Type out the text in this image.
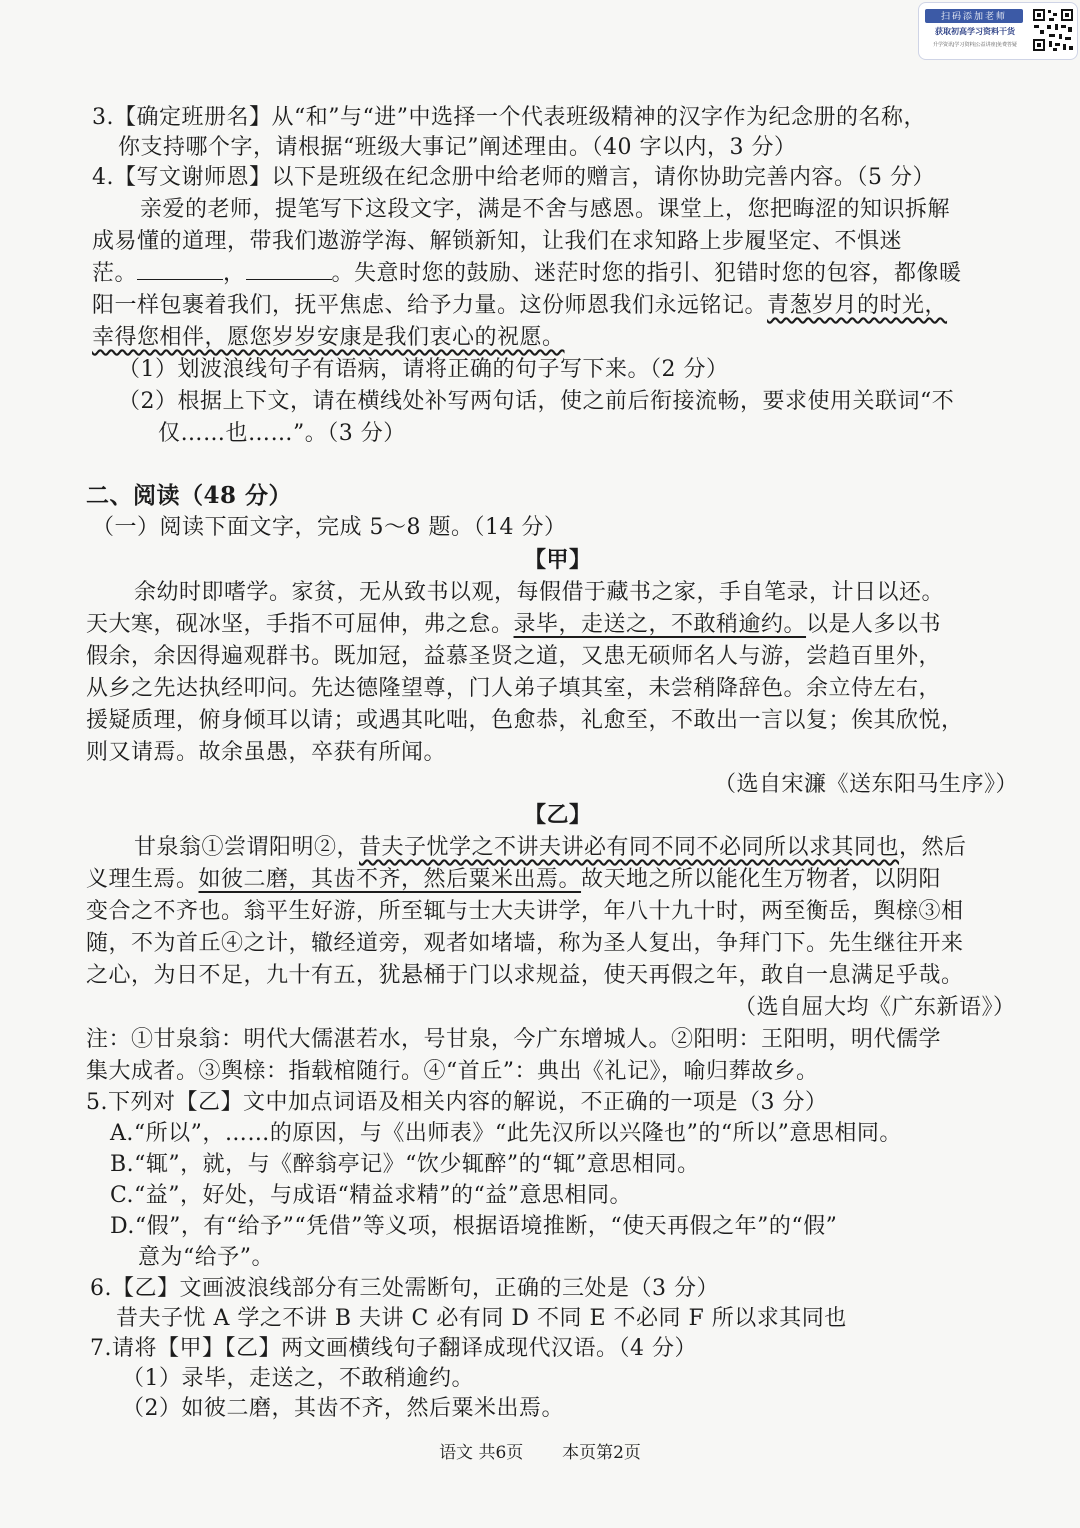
扫码添加老师
获取初高学习资料干货
升学资讯|学习资料|公益讲座|免费答疑
3.【确定班册名】从“和”与“进”中选择一个代表班级精神的汉字作为纪念册的名称，
你支持哪个字，请根据“班级大事记”阐述理由。（40 字以内，3 分）
4.【写文谢师恩】以下是班级在纪念册中给老师的赠言，请你协助完善内容。（5 分）
亲爱的老师，提笔写下这段文字，满是不舍与感恩。课堂上，您把晦涩的知识拆解
成易懂的道理，带我们遨游学海、解锁新知，让我们在求知路上步履坚定、不惧迷
茫。	，	。失意时您的鼓励、迷茫时您的指引、犯错时您的包容，都像暖
阳一样包裹着我们，抚平焦虑、给予力量。这份师恩我们永远铭记。青葱岁月的时光，
幸得您相伴，愿您岁岁安康是我们衷心的祝愿。
（1）划波浪线句子有语病，请将正确的句子写下来。（2 分）
（2）根据上下文，请在横线处补写两句话，使之前后衔接流畅，要求使用关联词“不
仅……也……”。（3 分）
二、阅读（48 分）
（一）阅读下面文字，完成 5～8 题。（14 分）
【甲】
余幼时即嗜学。家贫，无从致书以观，每假借于藏书之家，手自笔录，计日以还。
天大寒，砚冰坚，手指不可屈伸，弗之怠。录毕，走送之，不敢稍逾约。以是人多以书
假余，余因得遍观群书。既加冠，益慕圣贤之道，又患无硕师名人与游，尝趋百里外，
从乡之先达执经叩问。先达德隆望尊，门人弟子填其室，未尝稍降辞色。余立侍左右，
援疑质理，俯身倾耳以请；或遇其叱咄，色愈恭，礼愈至，不敢出一言以复；俟其欣悦，
则又请焉。故余虽愚，卒获有所闻。
（选自宋濂《送东阳马生序》）
【乙】
甘泉翁①尝谓阳明②，昔夫子忧学之不讲夫讲必有同不同不必同所以求其同也，然后
义理生焉。如彼二磨，其齿不齐，然后粟米出焉。故天地之所以能化生万物者，以阴阳
变合之不齐也。翁平生好游，所至辄与士大夫讲学，年八十九十时，两至衡岳，舆榇③相
随，不为首丘④之计，辙经道旁，观者如堵墙，称为圣人复出，争拜门下。先生继往开来
之心，为日不足，九十有五，犹悬桶于门以求规益，使天再假之年，敢自一息满足乎哉。
（选自屈大均《广东新语》）
注：①甘泉翁：明代大儒湛若水，号甘泉，今广东增城人。②阳明：王阳明，明代儒学
集大成者。③舆榇：指载棺随行。④“首丘”：典出《礼记》，喻归葬故乡。
5.下列对【乙】文中加点词语及相关内容的解说，不正确的一项是（3 分）
A.“所以”，……的原因，与《出师表》“此先汉所以兴隆也”的“所以”意思相同。
B.“辄”，就，与《醉翁亭记》“饮少辄醉”的“辄”意思相同。
C.“益”，好处，与成语“精益求精”的“益”意思相同。
D.“假”，有“给予”“凭借”等义项，根据语境推断，“使天再假之年”的“假”
意为“给予”。
6.【乙】文画波浪线部分有三处需断句，正确的三处是（3 分）
昔夫子忧 A 学之不讲 B 夫讲 C 必有同 D 不同 E 不必同 F 所以求其同也
7.请将【甲】【乙】两文画横线句子翻译成现代汉语。（4 分）
（1）录毕，走送之，不敢稍逾约。
（2）如彼二磨，其齿不齐，然后粟米出焉。
语文 共6页 本页第2页
